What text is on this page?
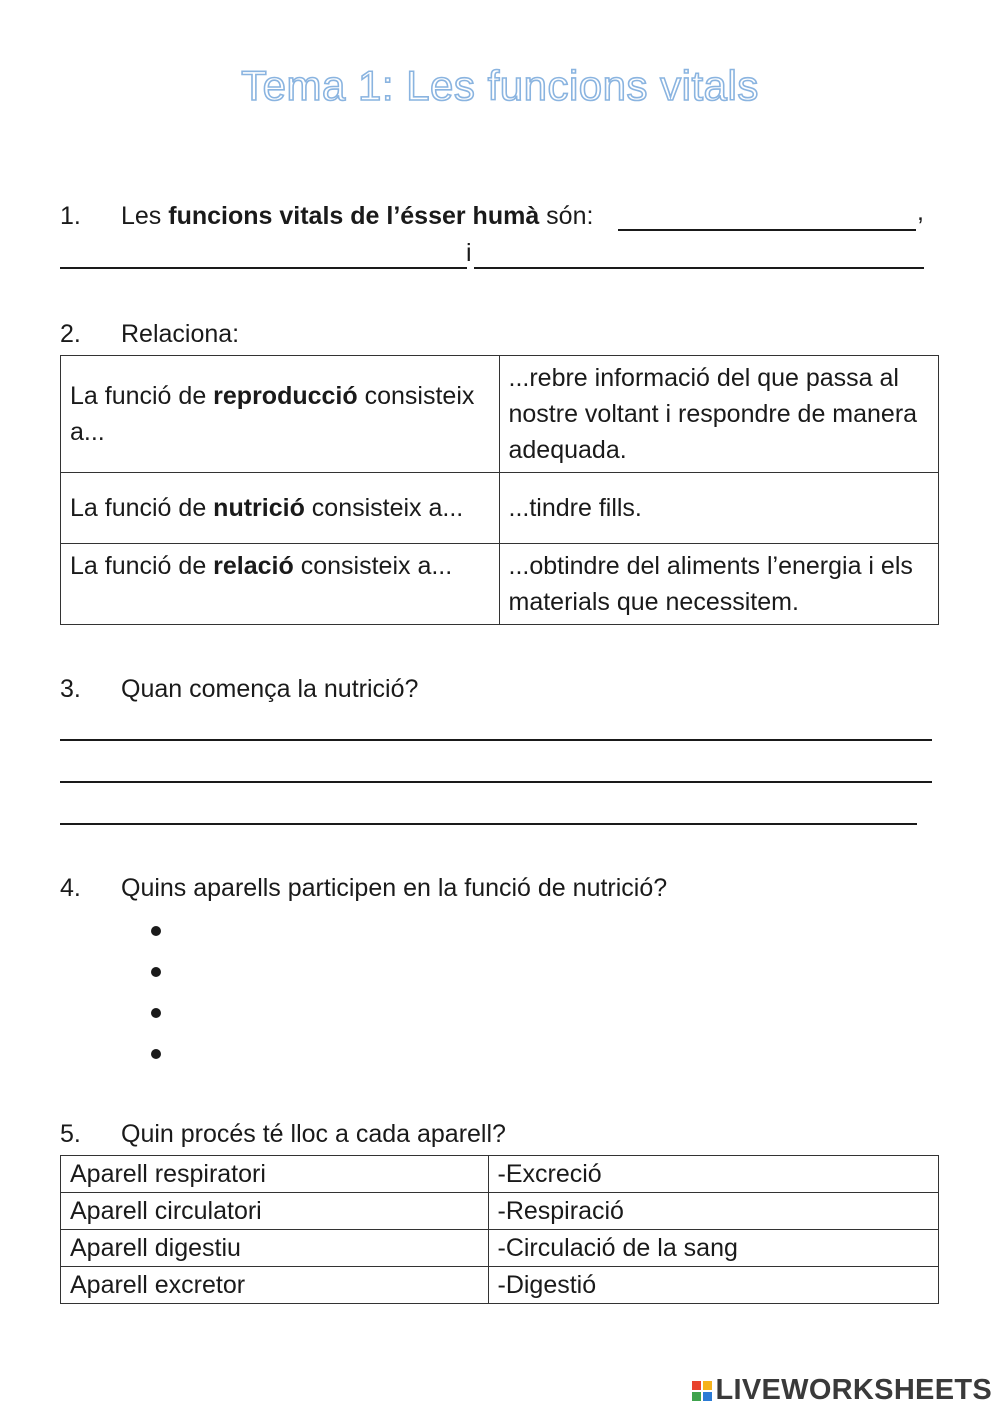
Tema 1: Les funcions vitals
1. Les funcions vitals de l’ésser humà són:	,
i
2. Relaciona:
La funció de reproducció consisteix a...	...rebre informació del que passa al nostre voltant i respondre de manera adequada.
La funció de nutrició consisteix a...	...tindre fills.
La funció de relació consisteix a...	...obtindre del aliments l’energia i els materials que necessitem.
3. Quan comença la nutrició?
4. Quins aparells participen en la funció de nutrició?
5. Quin procés té lloc a cada aparell?
Aparell respiratori	-Excreció
Aparell circulatori	-Respiració
Aparell digestiu	-Circulació de la sang
Aparell excretor	-Digestió
LIVEWORKSHEETS
